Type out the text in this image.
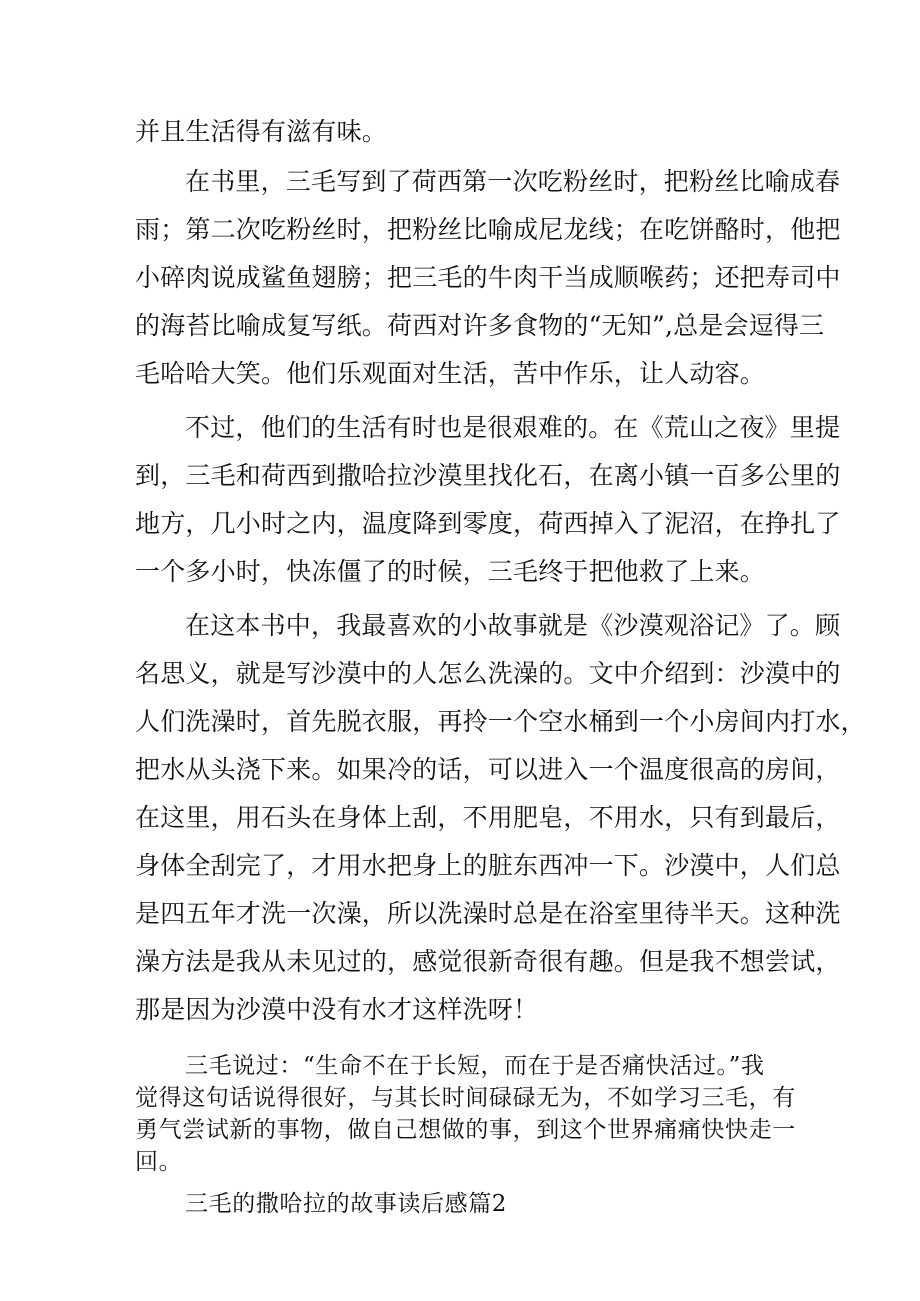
并且生活得有滋有味。
在书里，三毛写到了荷西第一次吃粉丝时，把粉丝比喻成春
雨；第二次吃粉丝时，把粉丝比喻成尼龙线；在吃饼酪时，他把
小碎肉说成鲨鱼翅膀；把三毛的牛肉干当成顺喉药；还把寿司中
的海苔比喻成复写纸。荷西对许多食物的“无知”,总是会逗得三
毛哈哈大笑。他们乐观面对生活，苦中作乐，让人动容。
不过，他们的生活有时也是很艰难的。在《荒山之夜》里提
到，三毛和荷西到撒哈拉沙漠里找化石，在离小镇一百多公里的
地方，几小时之内，温度降到零度，荷西掉入了泥沼，在挣扎了
一个多小时，快冻僵了的时候，三毛终于把他救了上来。
在这本书中，我最喜欢的小故事就是《沙漠观浴记》了。顾
名思义，就是写沙漠中的人怎么洗澡的。文中介绍到：沙漠中的
人们洗澡时，首先脱衣服，再拎一个空水桶到一个小房间内打水，
把水从头浇下来。如果冷的话，可以进入一个温度很高的房间，
在这里，用石头在身体上刮，不用肥皂，不用水，只有到最后，
身体全刮完了，才用水把身上的脏东西冲一下。沙漠中，人们总
是四五年才洗一次澡，所以洗澡时总是在浴室里待半天。这种洗
澡方法是我从未见过的，感觉很新奇很有趣。但是我不想尝试，
那是因为沙漠中没有水才这样洗呀！
三毛说过：“生命不在于长短，而在于是否痛快活过。”我
觉得这句话说得很好，与其长时间碌碌无为，不如学习三毛，有
勇气尝试新的事物，做自己想做的事，到这个世界痛痛快快走一
回。
三毛的撒哈拉的故事读后感篇2
